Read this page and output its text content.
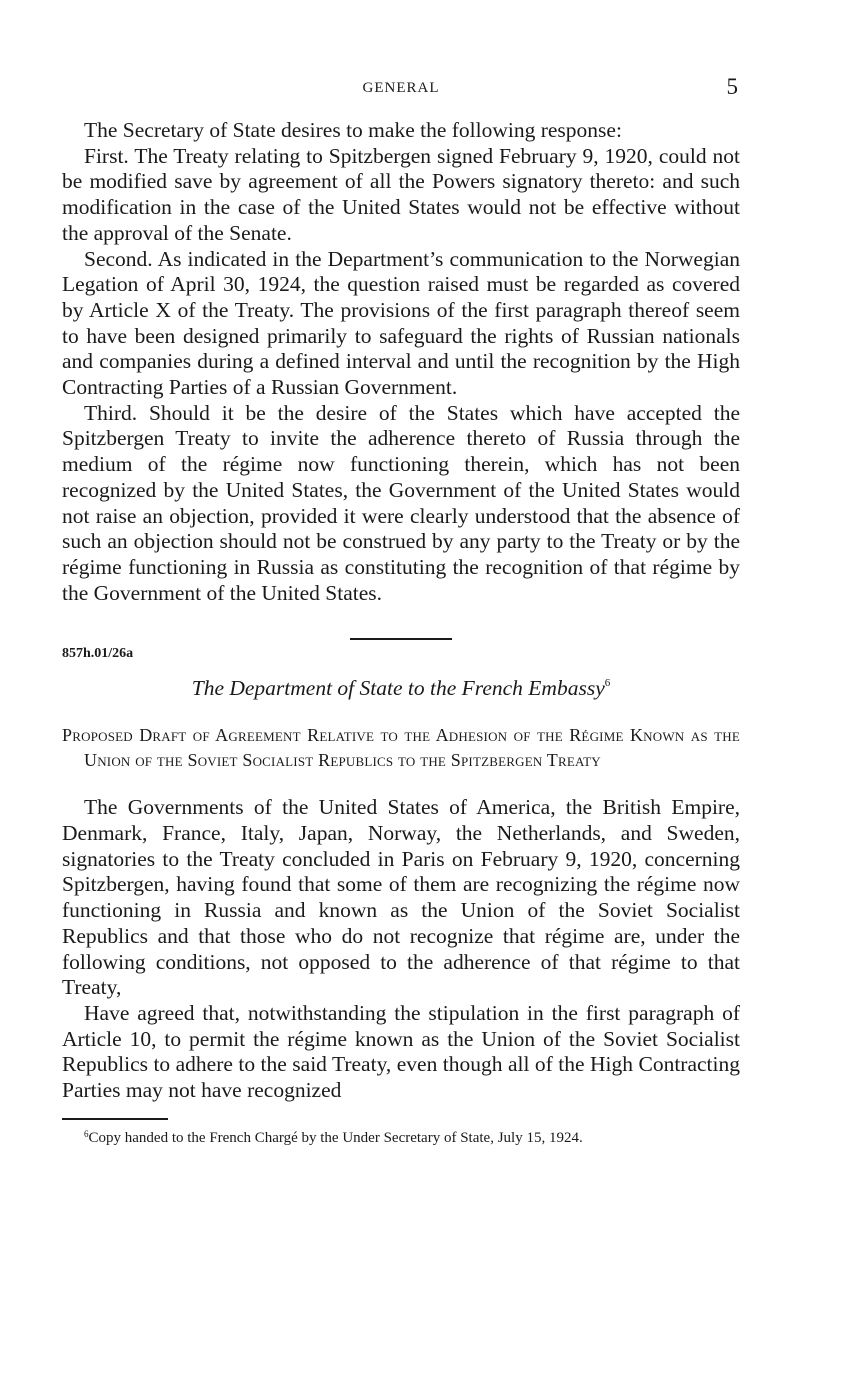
GENERAL	5

The Secretary of State desires to make the following response:

First. The Treaty relating to Spitzbergen signed February 9, 1920, could not be modified save by agreement of all the Powers signatory thereto: and such modification in the case of the United States would not be effective without the approval of the Senate.

Second. As indicated in the Department’s communication to the Norwegian Legation of April 30, 1924, the question raised must be regarded as covered by Article X of the Treaty. The provisions of the first paragraph thereof seem to have been designed primarily to safeguard the rights of Russian nationals and companies during a defined interval and until the recognition by the High Contracting Parties of a Russian Government.

Third. Should it be the desire of the States which have accepted the Spitzbergen Treaty to invite the adherence thereto of Russia through the medium of the régime now functioning therein, which has not been recognized by the United States, the Government of the United States would not raise an objection, provided it were clearly understood that the absence of such an objection should not be construed by any party to the Treaty or by the régime functioning in Russia as constituting the recognition of that régime by the Government of the United States.

857h.01/26a
The Department of State to the French Embassy$^6$
Proposed Draft of Agreement Relative to the Adhesion of the Régime Known as the Union of the Soviet Socialist Republics to the Spitzbergen Treaty

The Governments of the United States of America, the British Empire, Denmark, France, Italy, Japan, Norway, the Netherlands, and Sweden, signatories to the Treaty concluded in Paris on February 9, 1920, concerning Spitzbergen, having found that some of them are recognizing the régime now functioning in Russia and known as the Union of the Soviet Socialist Republics and that those who do not recognize that régime are, under the following conditions, not opposed to the adherence of that régime to that Treaty,

Have agreed that, notwithstanding the stipulation in the first paragraph of Article 10, to permit the régime known as the Union of the Soviet Socialist Republics to adhere to the said Treaty, even though all of the High Contracting Parties may not have recognized

$^6$Copy handed to the French Chargé by the Under Secretary of State, July 15, 1924.
